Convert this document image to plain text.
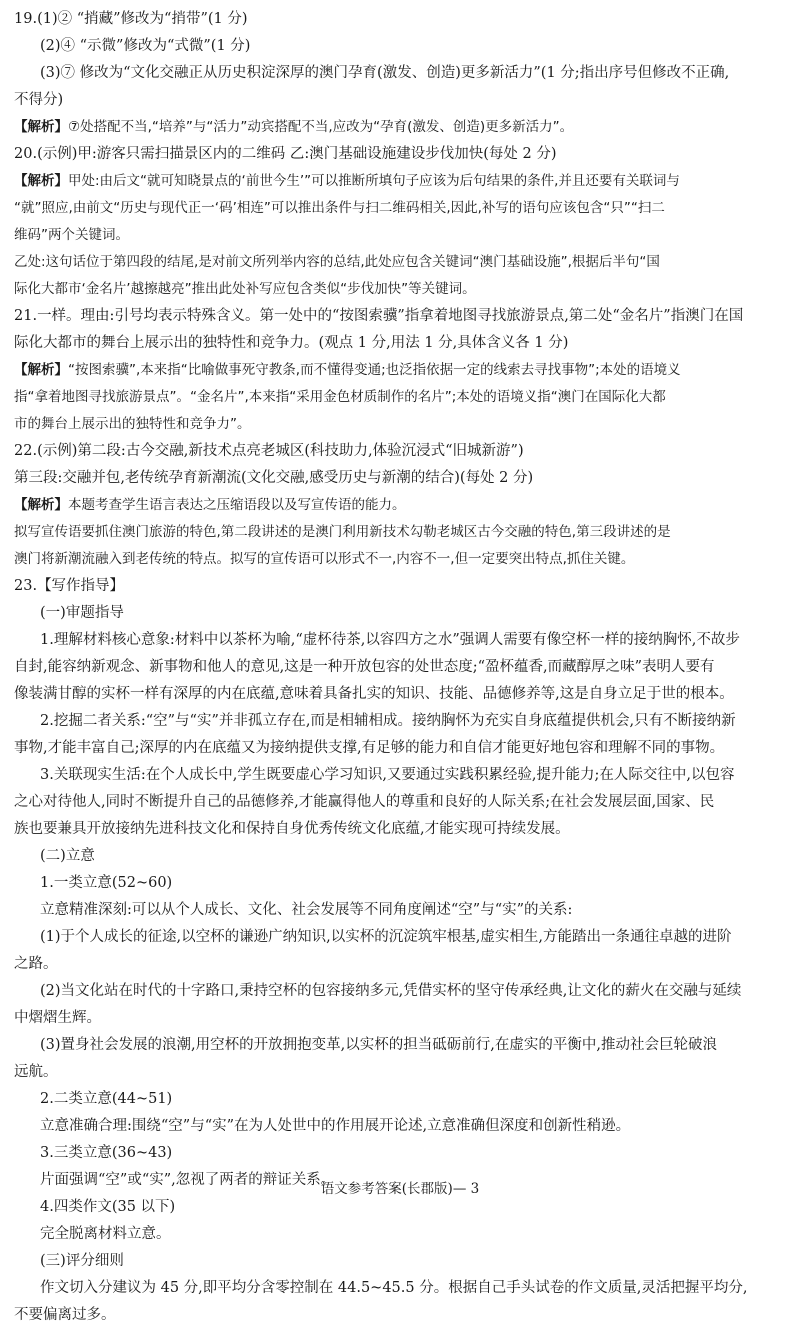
19.(1)② “捎藏”修改为“捎带”(1 分)

(2)④ “示微”修改为“式微”(1 分)

(3)⑦ 修改为“文化交融正从历史积淀深厚的澳门孕育(激发、创造)更多新活力”(1 分;指出序号但修改不正确,

不得分)

【解析】⑦处搭配不当,“培养”与“活力”动宾搭配不当,应改为“孕育(激发、创造)更多新活力”。

20.(示例)甲:游客只需扫描景区内的二维码 乙:澳门基础设施建设步伐加快(每处 2 分)

【解析】甲处:由后文“就可知晓景点的‘前世今生’”可以推断所填句子应该为后句结果的条件,并且还要有关联词与

“就”照应,由前文“历史与现代正一‘码’相连”可以推出条件与扫二维码相关,因此,补写的语句应该包含“只”“扫二

维码”两个关键词。

乙处:这句话位于第四段的结尾,是对前文所列举内容的总结,此处应包含关键词“澳门基础设施”,根据后半句“国

际化大都市‘金名片’越擦越亮”推出此处补写应包含类似“步伐加快”等关键词。

21.一样。理由:引号均表示特殊含义。第一处中的“按图索骥”指拿着地图寻找旅游景点,第二处“金名片”指澳门在国

际化大都市的舞台上展示出的独特性和竞争力。(观点 1 分,用法 1 分,具体含义各 1 分)

【解析】“按图索骥”,本来指“比喻做事死守教条,而不懂得变通;也泛指依据一定的线索去寻找事物”;本处的语境义

指“拿着地图寻找旅游景点”。“金名片”,本来指“采用金色材质制作的名片”;本处的语境义指“澳门在国际化大都

市的舞台上展示出的独特性和竞争力”。

22.(示例)第二段:古今交融,新技术点亮老城区(科技助力,体验沉浸式“旧城新游”)

第三段:交融并包,老传统孕育新潮流(文化交融,感受历史与新潮的结合)(每处 2 分)

【解析】本题考查学生语言表达之压缩语段以及写宣传语的能力。

拟写宣传语要抓住澳门旅游的特色,第二段讲述的是澳门利用新技术勾勒老城区古今交融的特色,第三段讲述的是

澳门将新潮流融入到老传统的特点。拟写的宣传语可以形式不一,内容不一,但一定要突出特点,抓住关键。

23.【写作指导】

(一)审题指导

1.理解材料核心意象:材料中以茶杯为喻,“虚杯待茶,以容四方之水”强调人需要有像空杯一样的接纳胸怀,不故步

自封,能容纳新观念、新事物和他人的意见,这是一种开放包容的处世态度;“盈杯蕴香,而藏醇厚之味”表明人要有

像装满甘醇的实杯一样有深厚的内在底蕴,意味着具备扎实的知识、技能、品德修养等,这是自身立足于世的根本。

2.挖掘二者关系:“空”与“实”并非孤立存在,而是相辅相成。接纳胸怀为充实自身底蕴提供机会,只有不断接纳新

事物,才能丰富自己;深厚的内在底蕴又为接纳提供支撑,有足够的能力和自信才能更好地包容和理解不同的事物。

3.关联现实生活:在个人成长中,学生既要虚心学习知识,又要通过实践积累经验,提升能力;在人际交往中,以包容

之心对待他人,同时不断提升自己的品德修养,才能赢得他人的尊重和良好的人际关系;在社会发展层面,国家、民

族也要兼具开放接纳先进科技文化和保持自身优秀传统文化底蕴,才能实现可持续发展。

(二)立意

1.一类立意(52~60)

立意精准深刻:可以从个人成长、文化、社会发展等不同角度阐述“空”与“实”的关系:

(1)于个人成长的征途,以空杯的谦逊广纳知识,以实杯的沉淀筑牢根基,虚实相生,方能踏出一条通往卓越的进阶

之路。

(2)当文化站在时代的十字路口,秉持空杯的包容接纳多元,凭借实杯的坚守传承经典,让文化的薪火在交融与延续

中熠熠生辉。

(3)置身社会发展的浪潮,用空杯的开放拥抱变革,以实杯的担当砥砺前行,在虚实的平衡中,推动社会巨轮破浪

远航。

2.二类立意(44~51)

立意准确合理:围绕“空”与“实”在为人处世中的作用展开论述,立意准确但深度和创新性稍逊。

3.三类立意(36~43)

片面强调“空”或“实”,忽视了两者的辩证关系。

4.四类作文(35 以下)

完全脱离材料立意。

(三)评分细则

作文切入分建议为 45 分,即平均分含零控制在 44.5~45.5 分。根据自己手头试卷的作文质量,灵活把握平均分,

不要偏离过多。

语文参考答案(长郡版)— 3
